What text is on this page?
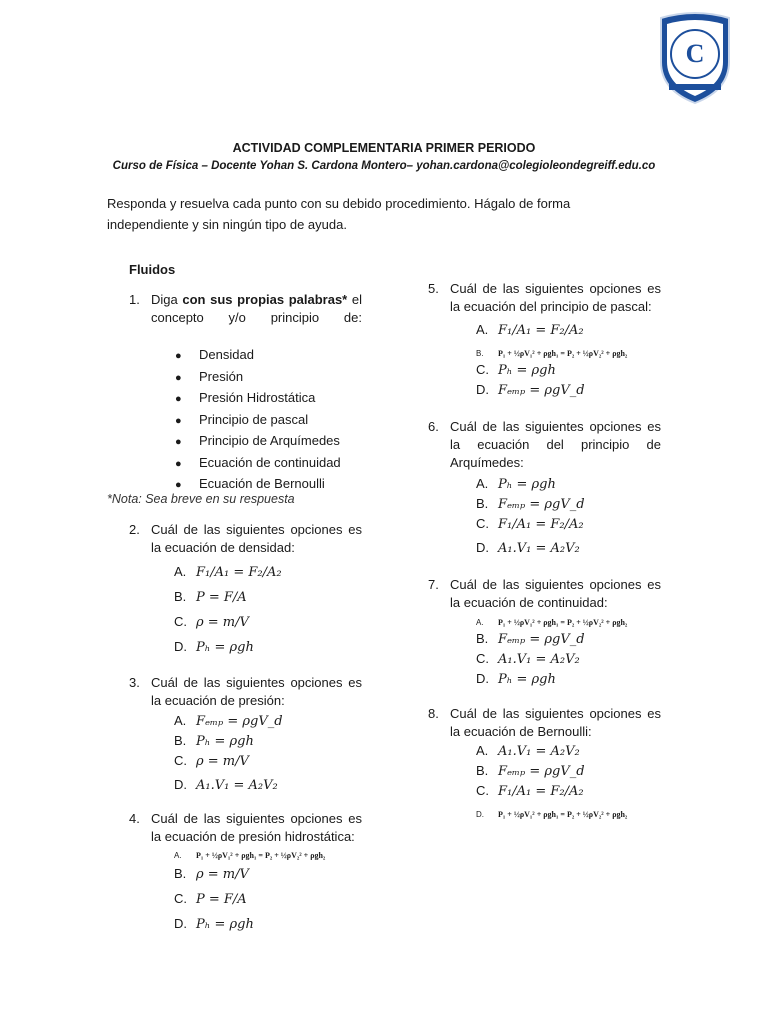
C
ACTIVIDAD COMPLEMENTARIA PRIMER PERIODO
Curso de Física – Docente Yohan S. Cardona Montero– yohan.cardona@colegioleondegreiff.edu.co
Responda y resuelva cada punto con su debido procedimiento. Hágalo de forma independiente y sin ningún tipo de ayuda.
Fluidos
1. Diga con sus propias palabras* el concepto y/o principio de:
● Densidad
● Presión
● Presión Hidrostática
● Principio de pascal
● Principio de Arquímedes
● Ecuación de continuidad
● Ecuación de Bernoulli
*Nota: Sea breve en su respuesta
2. Cuál de las siguientes opciones es la ecuación de densidad:
A. F₁/A₁ = F₂/A₂
B. P = F/A
C. ρ = m/V
D. Pₕ = ρgh
3. Cuál de las siguientes opciones es la ecuación de presión:
A. Fₑₘₚ = ρgV_d
B. Pₕ = ρgh
C. ρ = m/V
D. A₁.V₁ = A₂V₂
4. Cuál de las siguientes opciones es la ecuación de presión hidrostática:
A. P₁ + ½ρV₁² + ρgh₁ = P₂ + ½ρV₂² + ρgh₂
B. ρ = m/V
C. P = F/A
D. Pₕ = ρgh
5. Cuál de las siguientes opciones es la ecuación del principio de pascal:
A. F₁/A₁ = F₂/A₂
B. P₁ + ½ρV₁² + ρgh₁ = P₂ + ½ρV₂² + ρgh₂
C. Pₕ = ρgh
D. Fₑₘₚ = ρgV_d
6. Cuál de las siguientes opciones es la ecuación del principio de Arquímedes:
A. Pₕ = ρgh
B. Fₑₘₚ = ρgV_d
C. F₁/A₁ = F₂/A₂
D. A₁.V₁ = A₂V₂
7. Cuál de las siguientes opciones es la ecuación de continuidad:
A. P₁ + ½ρV₁² + ρgh₁ = P₂ + ½ρV₂² + ρgh₂
B. Fₑₘₚ = ρgV_d
C. A₁.V₁ = A₂V₂
D. Pₕ = ρgh
8. Cuál de las siguientes opciones es la ecuación de Bernoulli:
A. A₁.V₁ = A₂V₂
B. Fₑₘₚ = ρgV_d
C. F₁/A₁ = F₂/A₂
D. P₁ + ½ρV₁² + ρgh₁ = P₂ + ½ρV₂² + ρgh₂
